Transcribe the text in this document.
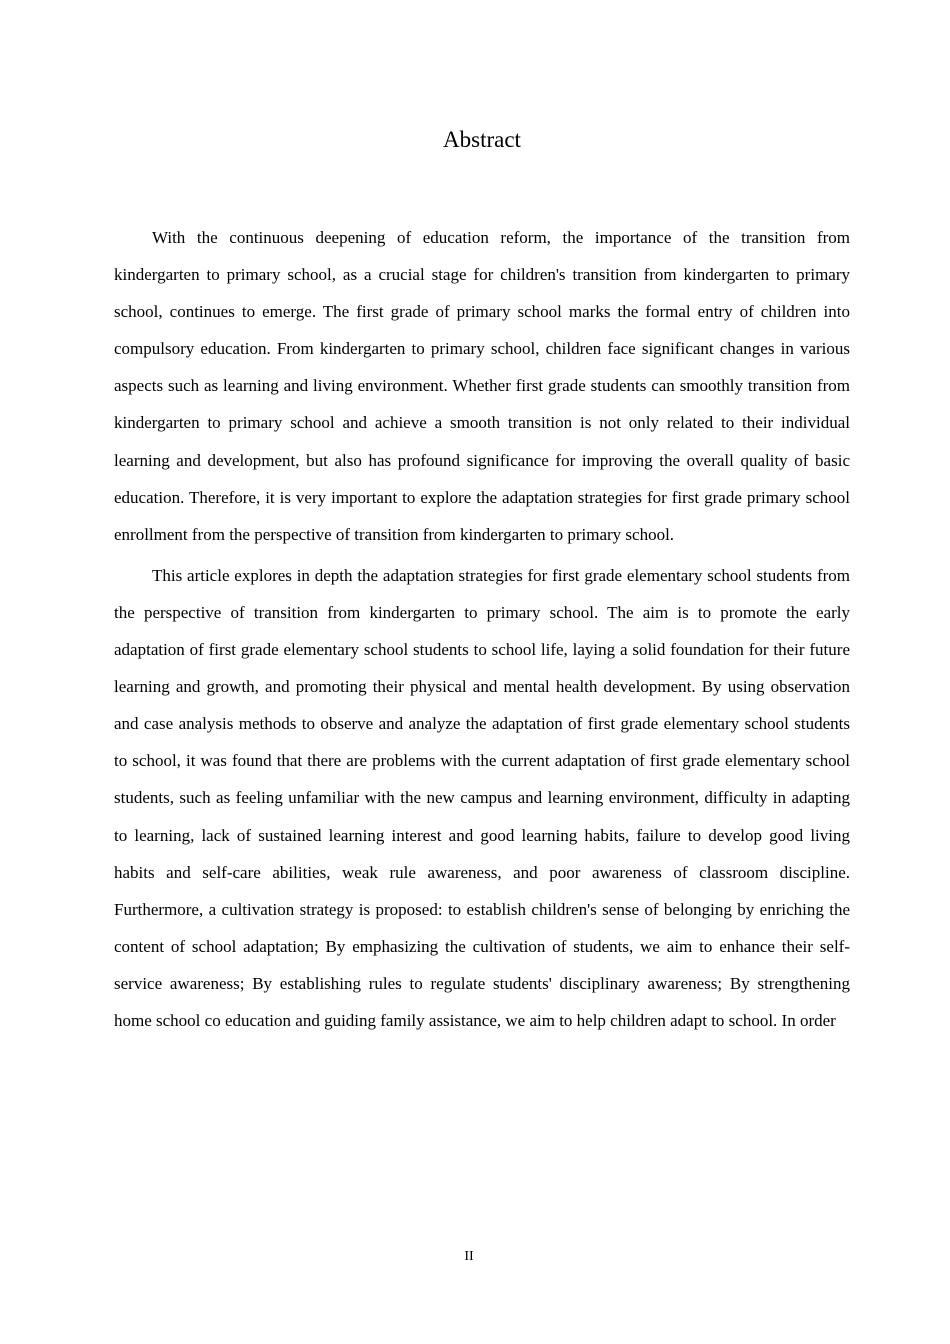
Abstract

With the continuous deepening of education reform, the importance of the transition from kindergarten to primary school, as a crucial stage for children's transition from kindergarten to primary school, continues to emerge. The first grade of primary school marks the formal entry of children into compulsory education. From kindergarten to primary school, children face significant changes in various aspects such as learning and living environment. Whether first grade students can smoothly transition from kindergarten to primary school and achieve a smooth transition is not only related to their individual learning and development, but also has profound significance for improving the overall quality of basic education. Therefore, it is very important to explore the adaptation strategies for first grade primary school enrollment from the perspective of transition from kindergarten to primary school.

This article explores in depth the adaptation strategies for first grade elementary school students from the perspective of transition from kindergarten to primary school. The aim is to promote the early adaptation of first grade elementary school students to school life, laying a solid foundation for their future learning and growth, and promoting their physical and mental health development. By using observation and case analysis methods to observe and analyze the adaptation of first grade elementary school students to school, it was found that there are problems with the current adaptation of first grade elementary school students, such as feeling unfamiliar with the new campus and learning environment, difficulty in adapting to learning, lack of sustained learning interest and good learning habits, failure to develop good living habits and self-care abilities, weak rule awareness, and poor awareness of classroom discipline. Furthermore, a cultivation strategy is proposed: to establish children's sense of belonging by enriching the content of school adaptation; By emphasizing the cultivation of students, we aim to enhance their self-service awareness; By establishing rules to regulate students' disciplinary awareness; By strengthening home school co education and guiding family assistance, we aim to help children adapt to school. In order

II
